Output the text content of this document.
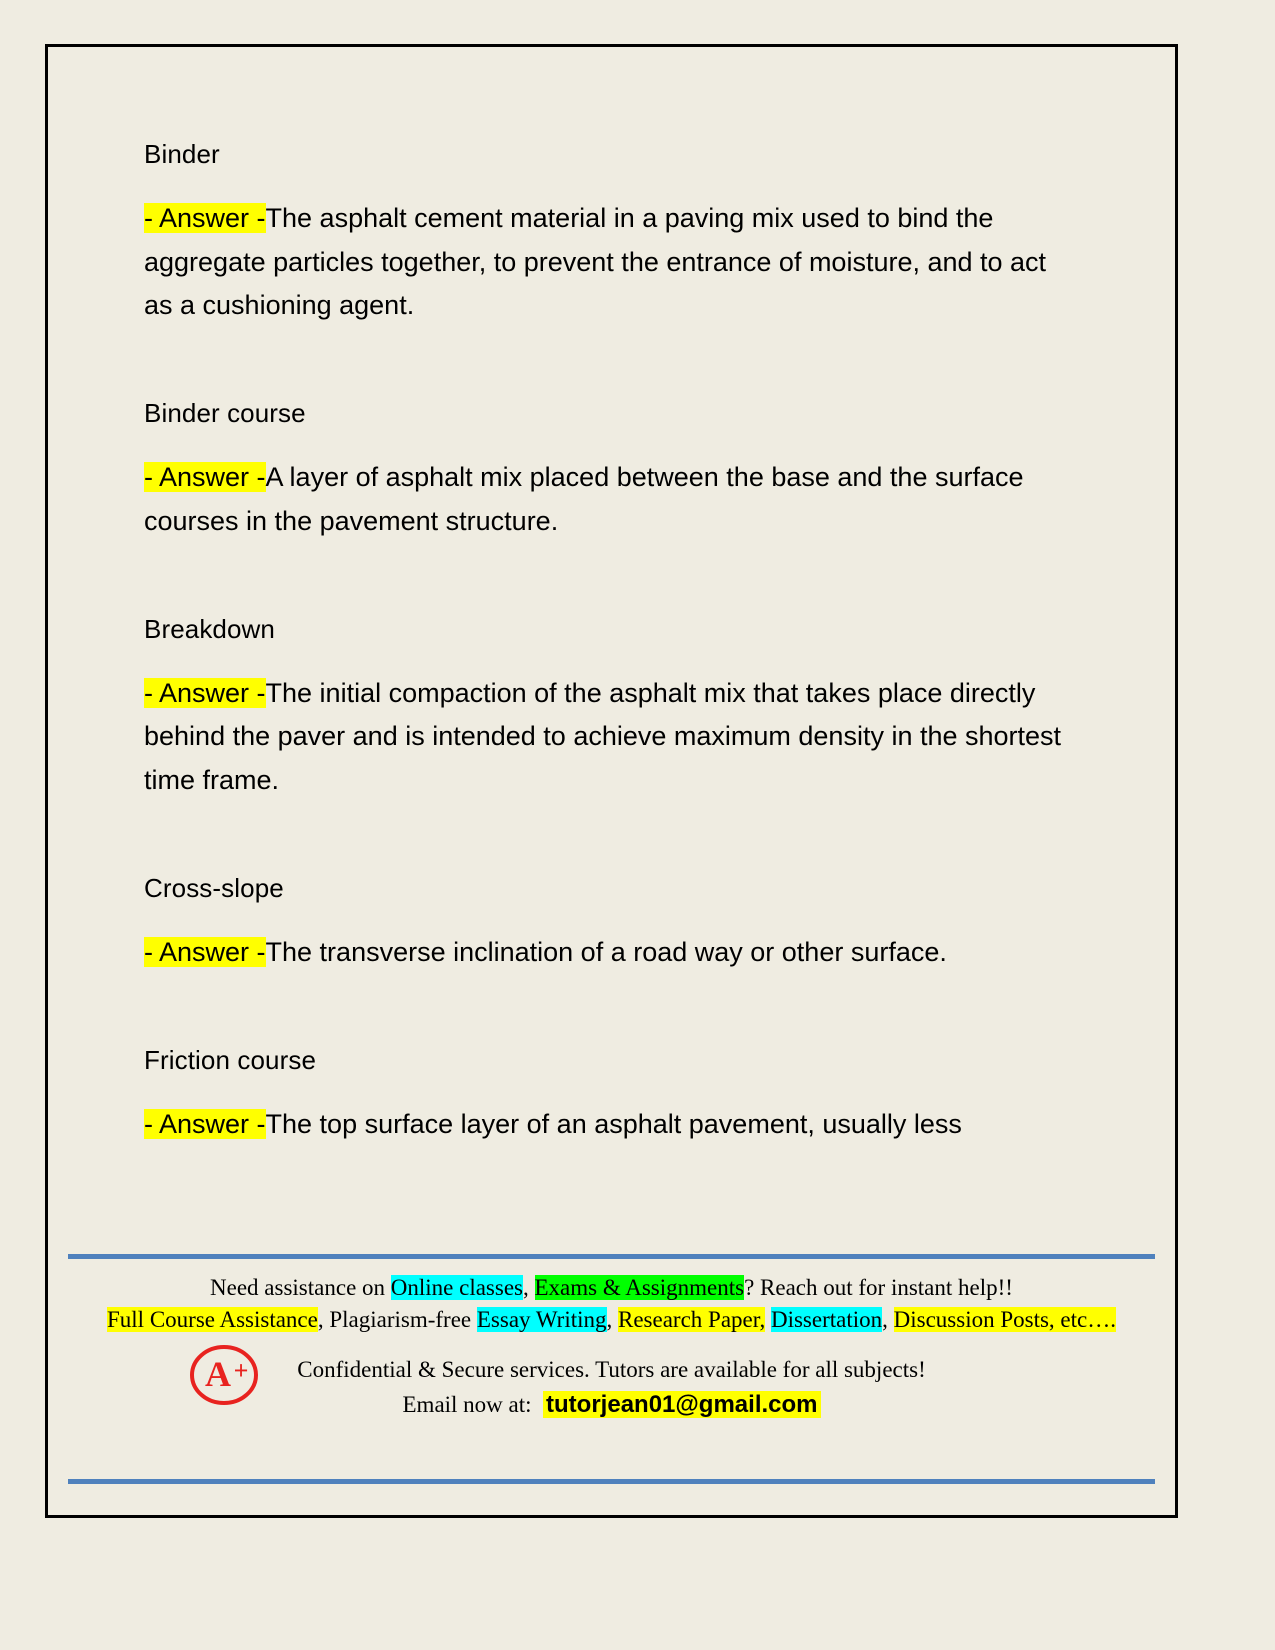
Binder

- Answer -The asphalt cement material in a paving mix used to bind the aggregate particles together, to prevent the entrance of moisture, and to act as a cushioning agent.

Binder course

- Answer -A layer of asphalt mix placed between the base and the surface courses in the pavement structure.

Breakdown

- Answer -The initial compaction of the asphalt mix that takes place directly behind the paver and is intended to achieve maximum density in the shortest time frame.

Cross-slope

- Answer -The transverse inclination of a road way or other surface.

Friction course

- Answer -The top surface layer of an asphalt pavement, usually less

Need assistance on Online classes, Exams & Assignments? Reach out for instant help!!
Full Course Assistance, Plagiarism-free Essay Writing, Research Paper, Dissertation, Discussion Posts, etc….
A +	Confidential & Secure services. Tutors are available for all subjects!
Email now at: tutorjean01@gmail.com
